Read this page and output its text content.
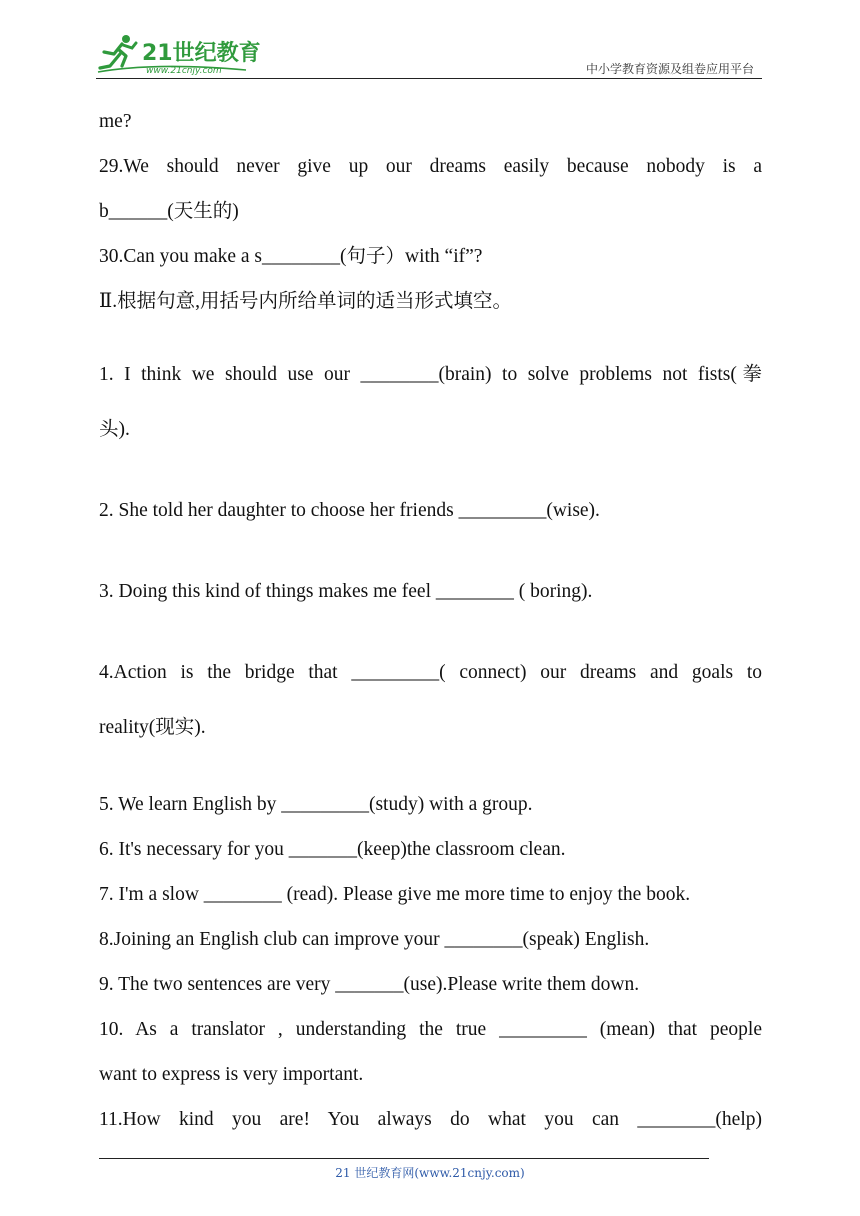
21世纪教育
www.21cnjy.com	中小学教育资源及组卷应用平台
me?
29.We should never give up our dreams easily because nobody is a
b______(天生的)
30.Can you make a s________(句子）with “if”?
Ⅱ.根据句意,用括号内所给单词的适当形式填空。
1. I think we should use our ________(brain) to solve problems not fists(拳
头).
2. She told her daughter to choose her friends _________(wise).
3. Doing this kind of things makes me feel ________ ( boring).
4.Action is the bridge that _________( connect) our dreams and goals to
reality(现实).
5. We learn English by _________(study) with a group.
6. It's necessary for you _______(keep)the classroom clean.
7. I'm a slow ________ (read). Please give me more time to enjoy the book.
8.Joining an English club can improve your ________(speak) English.
9. The two sentences are very _______(use).Please write them down.
10. As a translator , understanding the true _________ (mean) that people
want to express is very important.
11.How kind you are! You always do what you can ________(help)
21 世纪教育网(www.21cnjy.com)
